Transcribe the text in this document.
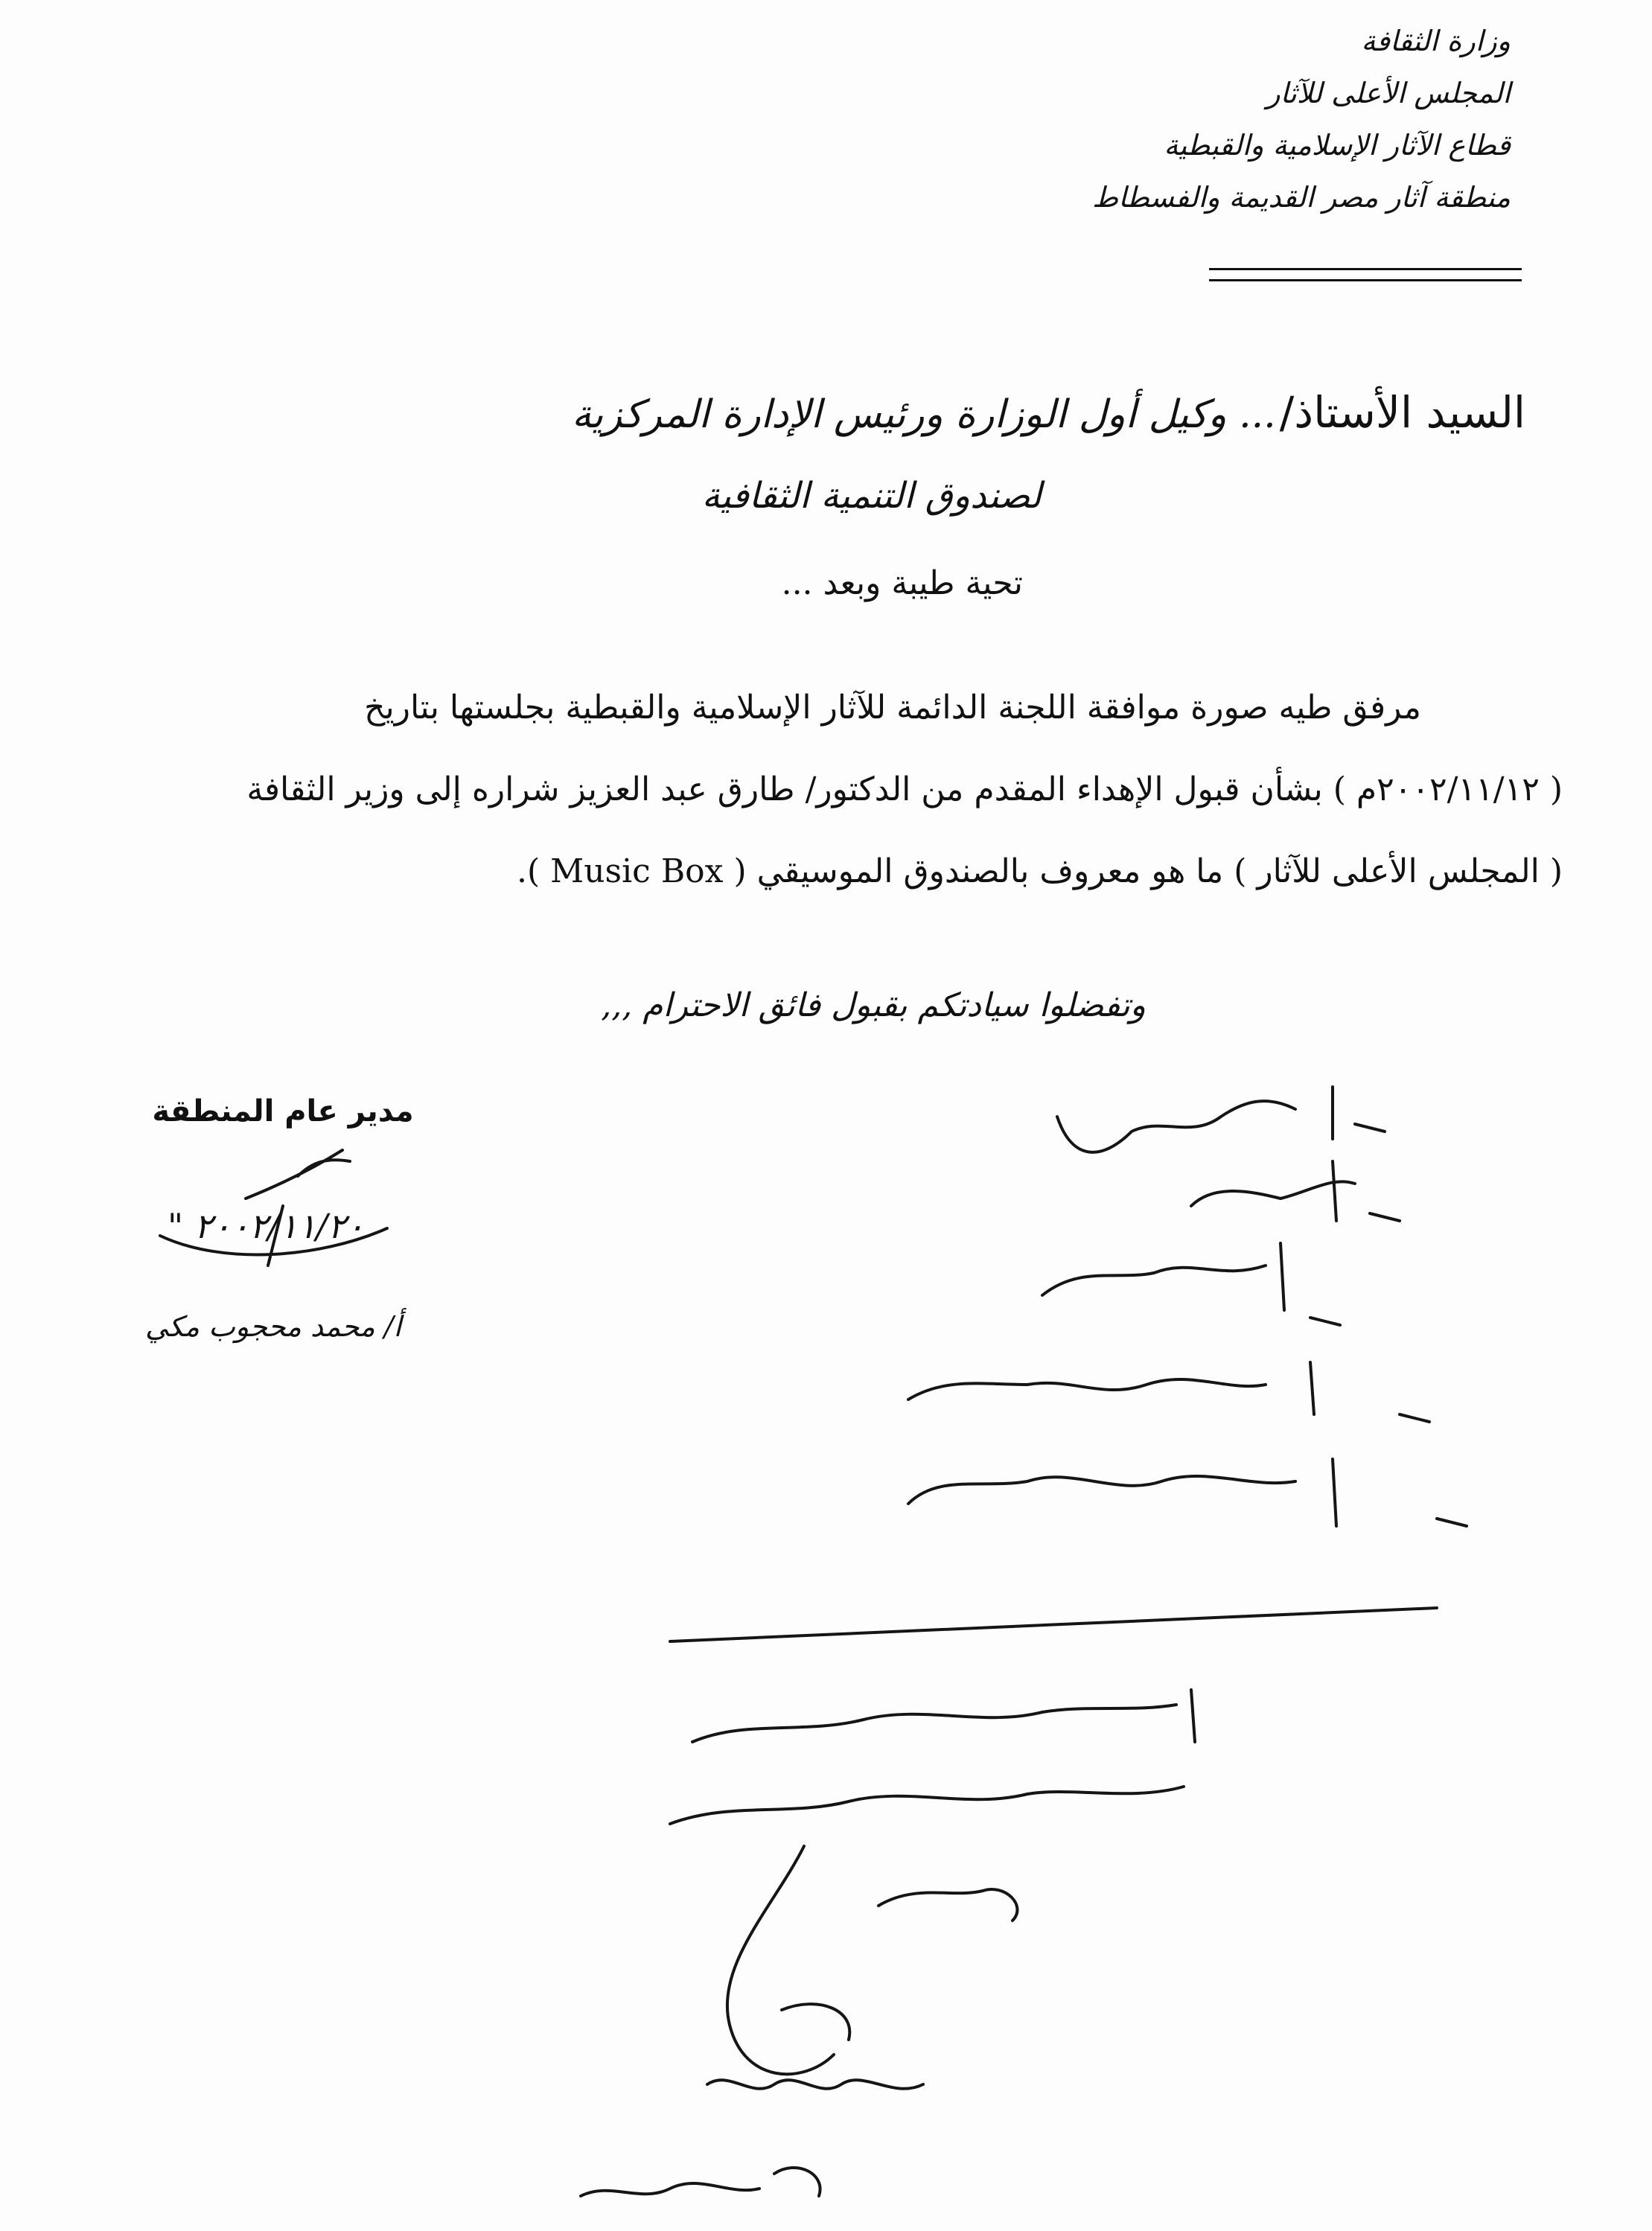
وزارة الثقافة
المجلس الأعلى للآثار
قطاع الآثار الإسلامية والقبطية
منطقة آثار مصر القديمة والفسطاط
السيد الأستاذ/ ... وكيل أول الوزارة ورئيس الإدارة المركزية
لصندوق التنمية الثقافية
تحية طيبة وبعد ...
مرفق طيه صورة موافقة اللجنة الدائمة للآثار الإسلامية والقبطية بجلستها بتاريخ
( ٢٠٠٢/١١/١٢م ) بشأن قبول الإهداء المقدم من الدكتور/ طارق عبد العزيز شراره إلى وزير الثقافة
( المجلس الأعلى للآثار ) ما هو معروف بالصندوق الموسيقي ( Music Box ).
وتفضلوا سيادتكم بقبول فائق الاحترام ,,,
مدير عام المنطقة
" ٢٠٠٢/١١/٢٠
أ/ محمد محجوب مكي
